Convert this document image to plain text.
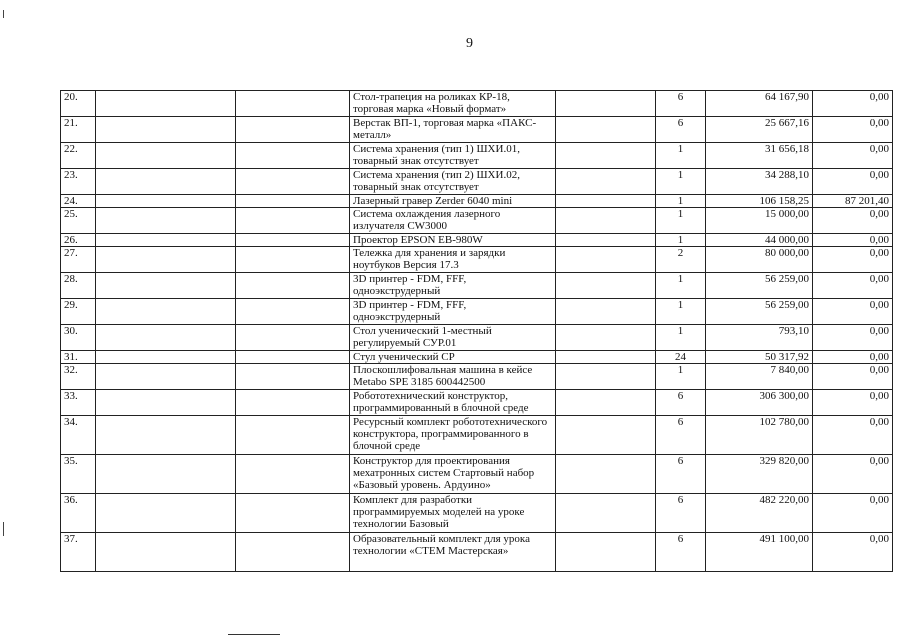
9
20.			Стол-трапеция на роликах КР-18, торговая марка «Новый формат»		6	64 167,90	0,00
21.			Верстак ВП-1, торговая марка «ПАКС-металл»		6	25 667,16	0,00
22.			Система хранения (тип 1) ШХИ.01, товарный знак отсутствует		1	31 656,18	0,00
23.			Система хранения (тип 2) ШХИ.02, товарный знак отсутствует		1	34 288,10	0,00
24.			Лазерный гравер Zerder 6040 mini		1	106 158,25	87 201,40
25.			Система охлаждения лазерного излучателя CW3000		1	15 000,00	0,00
26.			Проектор EPSON EB-980W		1	44 000,00	0,00
27.			Тележка для хранения и зарядки ноутбуков Версия 17.3		2	80 000,00	0,00
28.			3D принтер - FDM, FFF, одноэкструдерный		1	56 259,00	0,00
29.			3D принтер - FDM, FFF, одноэкструдерный		1	56 259,00	0,00
30.			Стол ученический 1-местный регулируемый СУР.01		1	793,10	0,00
31.			Стул ученический СР		24	50 317,92	0,00
32.			Плоскошлифовальная машина в кейсе Metabo SPE 3185 600442500		1	7 840,00	0,00
33.			Робототехнический конструктор, программированный в блочной среде		6	306 300,00	0,00
34.			Ресурсный комплект робототехнического конструктора, программированного в блочной среде		6	102 780,00	0,00
35.			Конструктор для проектирования мехатронных систем Стартовый набор «Базовый уровень. Ардуино»		6	329 820,00	0,00
36.			Комплект для разработки программируемых моделей на уроке технологии Базовый		6	482 220,00	0,00
37.			Образовательный комплект для урока технологии «СТЕМ Мастерская»		6	491 100,00	0,00
